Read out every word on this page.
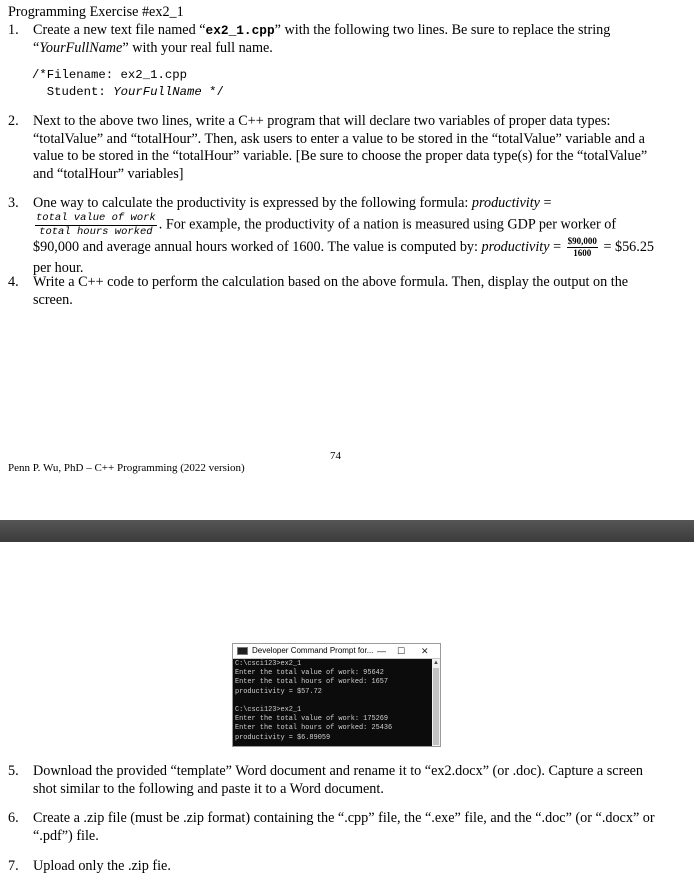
Programming Exercise #ex2_1
1. Create a new text file named “ex2_1.cpp” with the following two lines. Be sure to replace the string “YourFullName” with your real full name.
/*Filename: ex2_1.cpp
Student: YourFullName */
2. Next to the above two lines, write a C++ program that will declare two variables of proper data types: “totalValue” and “totalHour”. Then, ask users to enter a value to be stored in the “totalValue” variable and a value to be stored in the “totalHour” variable. [Be sure to choose the proper data type(s) for the “totalValue” and “totalHour” variables]
3. One way to calculate the productivity is expressed by the following formula: productivity =
$\frac{\text{total value of work}}{\text{total hours worked}}$ . For example, the productivity of a nation is measured using GDP per worker of $90,000 and average annual hours worked of 1600. The value is computed by: productivity = $\frac{\$90,000}{1600}$ = $56.25 per hour.
4. Write a C++ code to perform the calculation based on the above formula. Then, display the output on the screen.
74
Penn P. Wu, PhD – C++ Programming (2022 version)
Developer Command Prompt for... — ☐ ✕
C:\csci123>ex2_1
Enter the total value of work: 95642
Enter the total hours of worked: 1657
productivity = $57.72

C:\csci123>ex2_1
Enter the total value of work: 175269
Enter the total hours of worked: 25436
productivity = $6.89059
▲
5. Download the provided “template” Word document and rename it to “ex2.docx” (or .doc). Capture a screen shot similar to the following and paste it to a Word document.
6. Create a .zip file (must be .zip format) containing the “.cpp” file, the “.exe” file, and the “.doc” (or “.docx” or “.pdf”) file.
7. Upload only the .zip fie.
